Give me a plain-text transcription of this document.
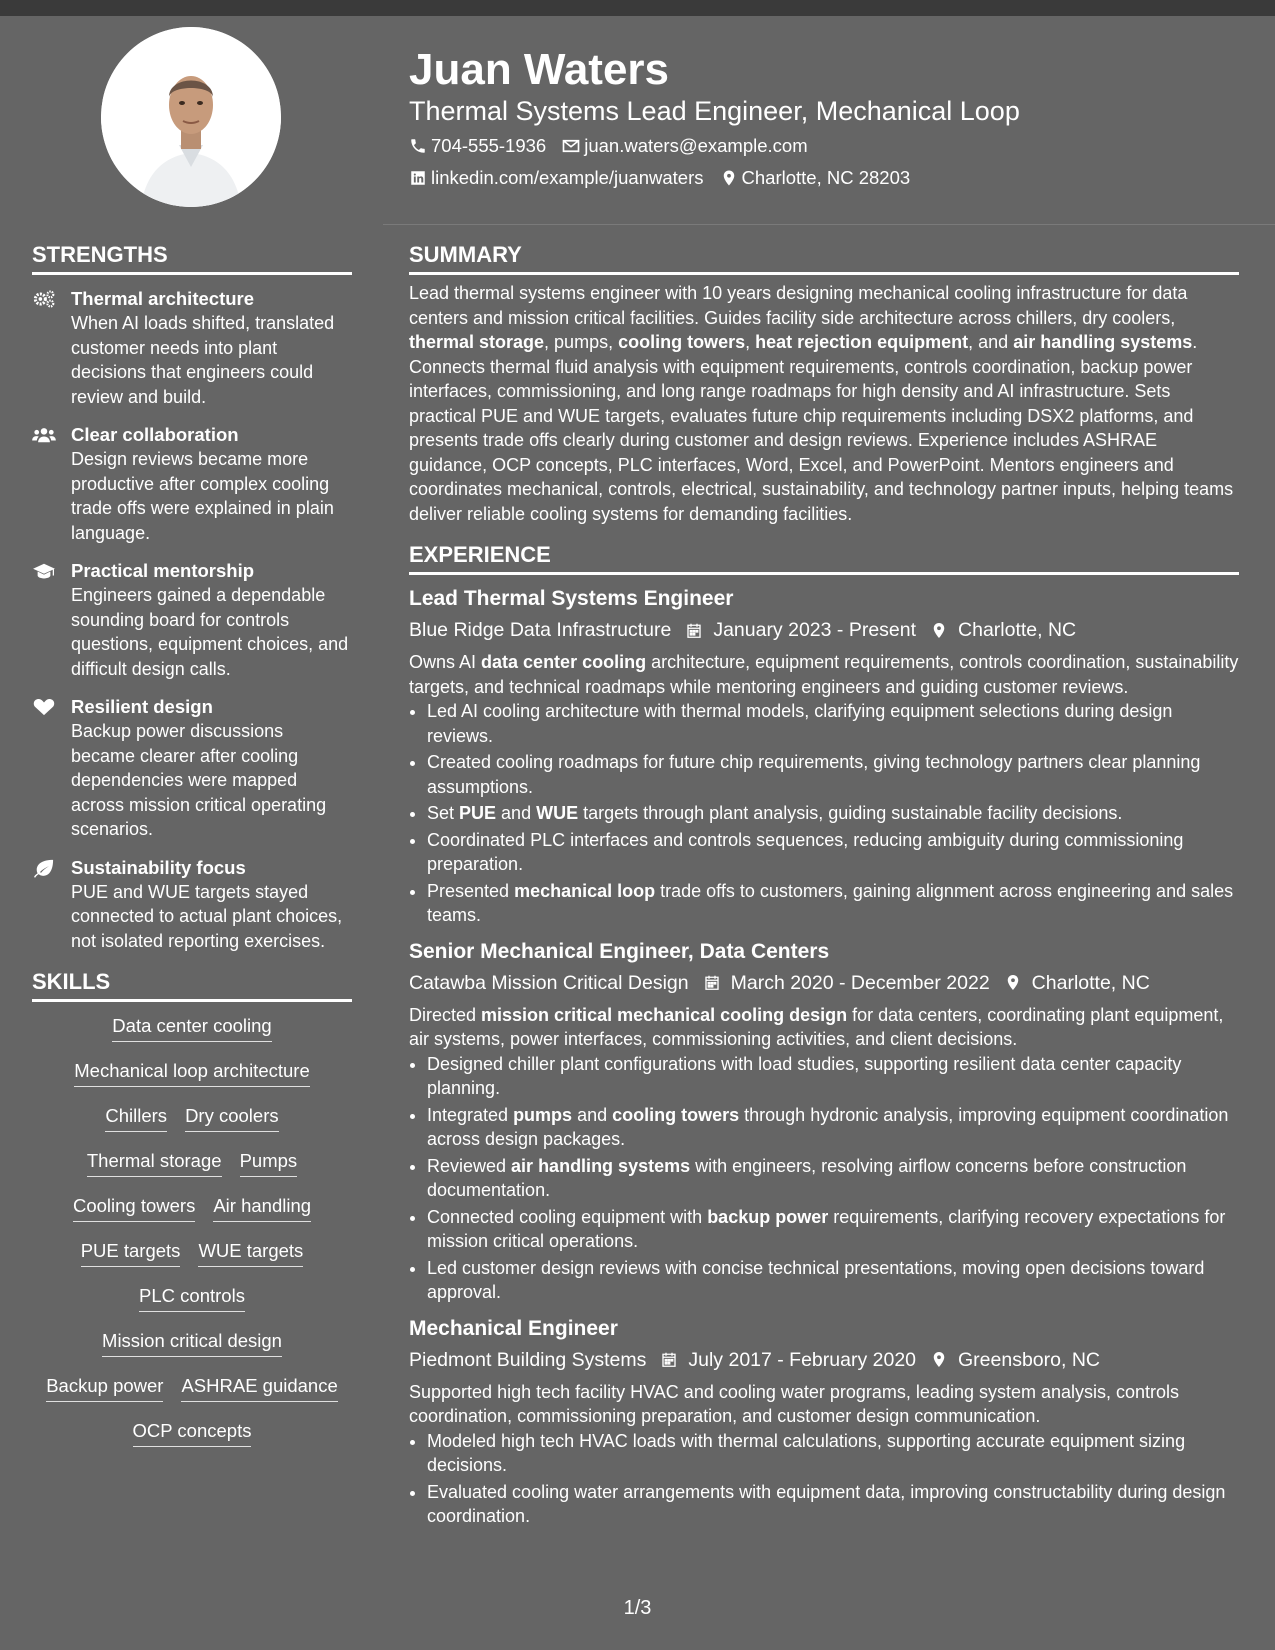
Juan Waters
Thermal Systems Lead Engineer, Mechanical Loop
704-555-1936 juan.waters@example.com
linkedin.com/example/juanwaters Charlotte, NC 28203
STRENGTHS
Thermal architecture
When AI loads shifted, translated customer needs into plant decisions that engineers could review and build.
Clear collaboration
Design reviews became more productive after complex cooling trade offs were explained in plain language.
Practical mentorship
Engineers gained a dependable sounding board for controls questions, equipment choices, and difficult design calls.
Resilient design
Backup power discussions became clearer after cooling dependencies were mapped across mission critical operating scenarios.
Sustainability focus
PUE and WUE targets stayed connected to actual plant choices, not isolated reporting exercises.
SKILLS
Data center cooling
Mechanical loop architecture
Chillers Dry coolers
Thermal storage Pumps
Cooling towers Air handling
PUE targets WUE targets
PLC controls
Mission critical design
Backup power ASHRAE guidance
OCP concepts
SUMMARY
Lead thermal systems engineer with 10 years designing mechanical cooling infrastructure for data centers and mission critical facilities. Guides facility side architecture across chillers, dry coolers, thermal storage, pumps, cooling towers, heat rejection equipment, and air handling systems. Connects thermal fluid analysis with equipment requirements, controls coordination, backup power interfaces, commissioning, and long range roadmaps for high density and AI infrastructure. Sets practical PUE and WUE targets, evaluates future chip requirements including DSX2 platforms, and presents trade offs clearly during customer and design reviews. Experience includes ASHRAE guidance, OCP concepts, PLC interfaces, Word, Excel, and PowerPoint. Mentors engineers and coordinates mechanical, controls, electrical, sustainability, and technology partner inputs, helping teams deliver reliable cooling systems for demanding facilities.
EXPERIENCE
Lead Thermal Systems Engineer
Blue Ridge Data Infrastructure January 2023 - Present Charlotte, NC
Owns AI data center cooling architecture, equipment requirements, controls coordination, sustainability targets, and technical roadmaps while mentoring engineers and guiding customer reviews.
• Led AI cooling architecture with thermal models, clarifying equipment selections during design reviews.
• Created cooling roadmaps for future chip requirements, giving technology partners clear planning assumptions.
• Set PUE and WUE targets through plant analysis, guiding sustainable facility decisions.
• Coordinated PLC interfaces and controls sequences, reducing ambiguity during commissioning preparation.
• Presented mechanical loop trade offs to customers, gaining alignment across engineering and sales teams.
Senior Mechanical Engineer, Data Centers
Catawba Mission Critical Design March 2020 - December 2022 Charlotte, NC
Directed mission critical mechanical cooling design for data centers, coordinating plant equipment, air systems, power interfaces, commissioning activities, and client decisions.
• Designed chiller plant configurations with load studies, supporting resilient data center capacity planning.
• Integrated pumps and cooling towers through hydronic analysis, improving equipment coordination across design packages.
• Reviewed air handling systems with engineers, resolving airflow concerns before construction documentation.
• Connected cooling equipment with backup power requirements, clarifying recovery expectations for mission critical operations.
• Led customer design reviews with concise technical presentations, moving open decisions toward approval.
Mechanical Engineer
Piedmont Building Systems July 2017 - February 2020 Greensboro, NC
Supported high tech facility HVAC and cooling water programs, leading system analysis, controls coordination, commissioning preparation, and customer design communication.
• Modeled high tech HVAC loads with thermal calculations, supporting accurate equipment sizing decisions.
• Evaluated cooling water arrangements with equipment data, improving constructability during design coordination.
1/3
